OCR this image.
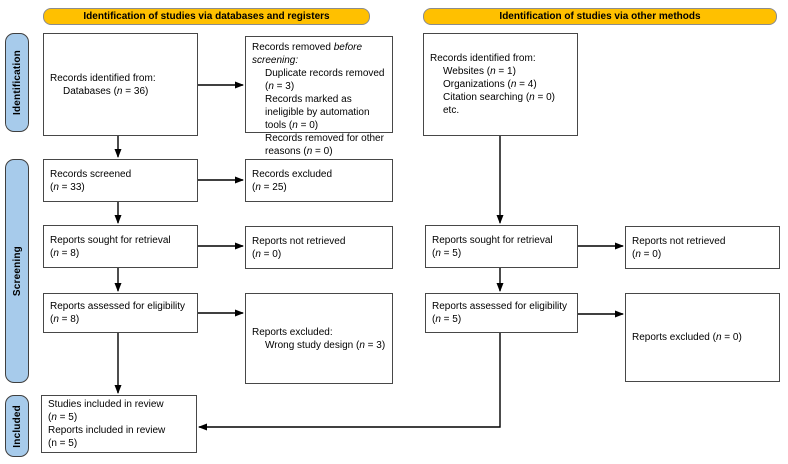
Identification of studies via databases and registers	Identification of studies via other methods
Identification
Screening
Included
Records identified from:
Databases (n = 36)
Records removed before screening:
Duplicate records removed (n = 3)
Records marked as ineligible by automation tools (n = 0)
Records removed for other reasons (n = 0)
Records screened
(n = 33)
Records excluded
(n = 25)
Reports sought for retrieval
(n = 8)
Reports not retrieved
(n = 0)
Reports assessed for eligibility
(n = 8)
Reports excluded:
Wrong study design (n = 3)
Studies included in review
(n = 5)
Reports included in review
(n = 5)
Records identified from:
Websites (n = 1)
Organizations (n = 4)
Citation searching (n = 0)
etc.
Reports sought for retrieval
(n = 5)
Reports not retrieved
(n = 0)
Reports assessed for eligibility
(n = 5)
Reports excluded (n = 0)
